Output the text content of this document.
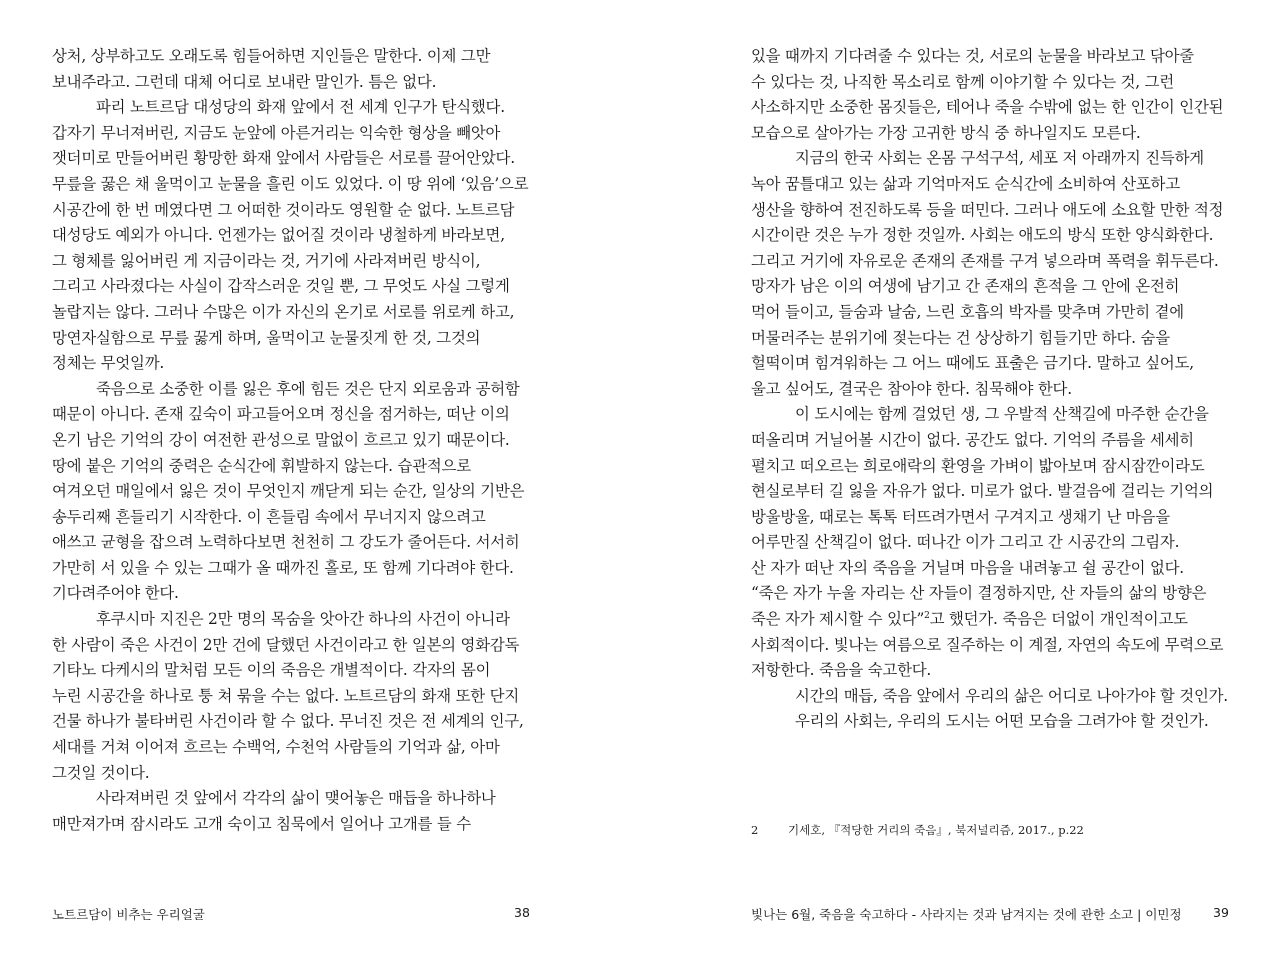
상처, 상부하고도 오래도록 힘들어하면 지인들은 말한다. 이제 그만
보내주라고. 그런데 대체 어디로 보내란 말인가. 틈은 없다.
파리 노트르담 대성당의 화재 앞에서 전 세계 인구가 탄식했다.
갑자기 무너져버린, 지금도 눈앞에 아른거리는 익숙한 형상을 빼앗아
잿더미로 만들어버린 황망한 화재 앞에서 사람들은 서로를 끌어안았다.
무릎을 꿇은 채 울먹이고 눈물을 흘린 이도 있었다. 이 땅 위에 ‘있음’으로
시공간에 한 번 메였다면 그 어떠한 것이라도 영원할 순 없다. 노트르담
대성당도 예외가 아니다. 언젠가는 없어질 것이라 냉철하게 바라보면,
그 형체를 잃어버린 게 지금이라는 것, 거기에 사라져버린 방식이,
그리고 사라졌다는 사실이 갑작스러운 것일 뿐, 그 무엇도 사실 그렇게
놀랍지는 않다. 그러나 수많은 이가 자신의 온기로 서로를 위로케 하고,
망연자실함으로 무릎 꿇게 하며, 울먹이고 눈물짓게 한 것, 그것의
정체는 무엇일까.
죽음으로 소중한 이를 잃은 후에 힘든 것은 단지 외로움과 공허함
때문이 아니다. 존재 깊숙이 파고들어오며 정신을 점거하는, 떠난 이의
온기 남은 기억의 강이 여전한 관성으로 말없이 흐르고 있기 때문이다.
땅에 붙은 기억의 중력은 순식간에 휘발하지 않는다. 습관적으로
여겨오던 매일에서 잃은 것이 무엇인지 깨닫게 되는 순간, 일상의 기반은
송두리째 흔들리기 시작한다. 이 흔들림 속에서 무너지지 않으려고
애쓰고 균형을 잡으려 노력하다보면 천천히 그 강도가 줄어든다. 서서히
가만히 서 있을 수 있는 그때가 올 때까진 홀로, 또 함께 기다려야 한다.
기다려주어야 한다.
후쿠시마 지진은 2만 명의 목숨을 앗아간 하나의 사건이 아니라
한 사람이 죽은 사건이 2만 건에 달했던 사건이라고 한 일본의 영화감독
기타노 다케시의 말처럼 모든 이의 죽음은 개별적이다. 각자의 몸이
누린 시공간을 하나로 퉁 쳐 묶을 수는 없다. 노트르담의 화재 또한 단지
건물 하나가 불타버린 사건이라 할 수 없다. 무너진 것은 전 세계의 인구,
세대를 거쳐 이어져 흐르는 수백억, 수천억 사람들의 기억과 삶, 아마
그것일 것이다.
사라져버린 것 앞에서 각각의 삶이 맺어놓은 매듭을 하나하나
매만져가며 잠시라도 고개 숙이고 침묵에서 일어나 고개를 들 수
노트르담이 비추는 우리얼굴	38
있을 때까지 기다려줄 수 있다는 것, 서로의 눈물을 바라보고 닦아줄
수 있다는 것, 나직한 목소리로 함께 이야기할 수 있다는 것, 그런
사소하지만 소중한 몸짓들은, 테어나 죽을 수밖에 없는 한 인간이 인간된
모습으로 살아가는 가장 고귀한 방식 중 하나일지도 모른다.
지금의 한국 사회는 온몸 구석구석, 세포 저 아래까지 진득하게
녹아 꿈틀대고 있는 삶과 기억마저도 순식간에 소비하여 산포하고
생산을 향하여 전진하도록 등을 떠민다. 그러나 애도에 소요할 만한 적정
시간이란 것은 누가 정한 것일까. 사회는 애도의 방식 또한 양식화한다.
그리고 거기에 자유로운 존재의 존재를 구겨 넣으라며 폭력을 휘두른다.
망자가 남은 이의 여생에 남기고 간 존재의 흔적을 그 안에 온전히
먹어 들이고, 들숨과 날숨, 느린 호흡의 박자를 맞추며 가만히 곁에
머물러주는 분위기에 젖는다는 건 상상하기 힘들기만 하다. 숨을
헐떡이며 힘겨워하는 그 어느 때에도 표출은 금기다. 말하고 싶어도,
울고 싶어도, 결국은 참아야 한다. 침묵해야 한다.
이 도시에는 함께 걸었던 생, 그 우발적 산책길에 마주한 순간을
떠올리며 거닐어볼 시간이 없다. 공간도 없다. 기억의 주름을 세세히
펼치고 떠오르는 희로애락의 환영을 가벼이 밟아보며 잠시잠깐이라도
현실로부터 길 잃을 자유가 없다. 미로가 없다. 발걸음에 걸리는 기억의
방울방울, 때로는 톡톡 터뜨려가면서 구겨지고 생채기 난 마음을
어루만질 산책길이 없다. 떠나간 이가 그리고 간 시공간의 그림자.
산 자가 떠난 자의 죽음을 거닐며 마음을 내려놓고 쉴 공간이 없다.
“죽은 자가 누울 자리는 산 자들이 결정하지만, 산 자들의 삶의 방향은
죽은 자가 제시할 수 있다”$^2$고 했던가. 죽음은 더없이 개인적이고도
사회적이다. 빛나는 여름으로 질주하는 이 계절, 자연의 속도에 무력으로
저항한다. 죽음을 숙고한다.
시간의 매듭, 죽음 앞에서 우리의 삶은 어디로 나아가야 할 것인가.
우리의 사회는, 우리의 도시는 어떤 모습을 그려가야 할 것인가.
2	기세호, 『적당한 거리의 죽음』, 북저널리즘, 2017., p.22
빛나는 6월, 죽음을 숙고하다 - 사라지는 것과 남겨지는 것에 관한 소고 | 이민정	39
